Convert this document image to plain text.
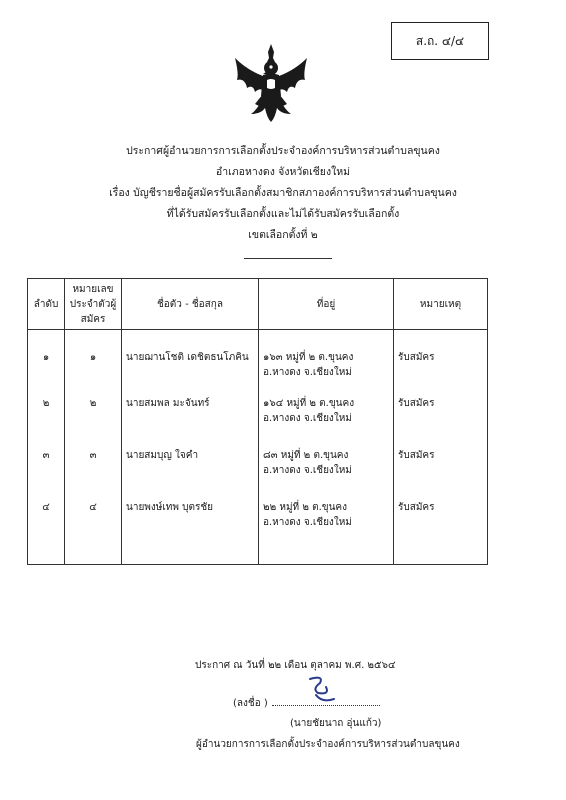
ส.ถ. ๔/๔
ประกาศผู้อำนวยการการเลือกตั้งประจำองค์การบริหารส่วนตำบลขุนคง
อำเภอหางดง จังหวัดเชียงใหม่
เรื่อง บัญชีรายชื่อผู้สมัครรับเลือกตั้งสมาชิกสภาองค์การบริหารส่วนตำบลขุนคง
ที่ได้รับสมัครรับเลือกตั้งและไม่ได้รับสมัครรับเลือกตั้ง
เขตเลือกตั้งที่ ๒
ลำดับ	หมายเลขประจำตัวผู้สมัคร	ชื่อตัว - ชื่อสกุล	ที่อยู่	หมายเหตุ
๑	๑	นายฌานโชติ เดชิตธนโภคิน	๑๖๓ หมู่ที่ ๒ ต.ขุนคง
อ.หางดง จ.เชียงใหม่	รับสมัคร
๒	๒	นายสมพล มะจันทร์	๑๖๔ หมู่ที่ ๒ ต.ขุนคง
อ.หางดง จ.เชียงใหม่	รับสมัคร
๓	๓	นายสมบุญ ใจคำ	๘๓ หมู่ที่ ๒ ต.ขุนคง
อ.หางดง จ.เชียงใหม่	รับสมัคร
๔	๔	นายพงษ์เทพ บุตรชัย	๒๒ หมู่ที่ ๒ ต.ขุนคง
อ.หางดง จ.เชียงใหม่	รับสมัคร
ประกาศ ณ วันที่ ๒๒ เดือน ตุลาคม พ.ศ. ๒๕๖๔
(ลงชื่อ )
(นายชัยนาถ อุ่นแก้ว)
ผู้อำนวยการการเลือกตั้งประจำองค์การบริหารส่วนตำบลขุนคง
